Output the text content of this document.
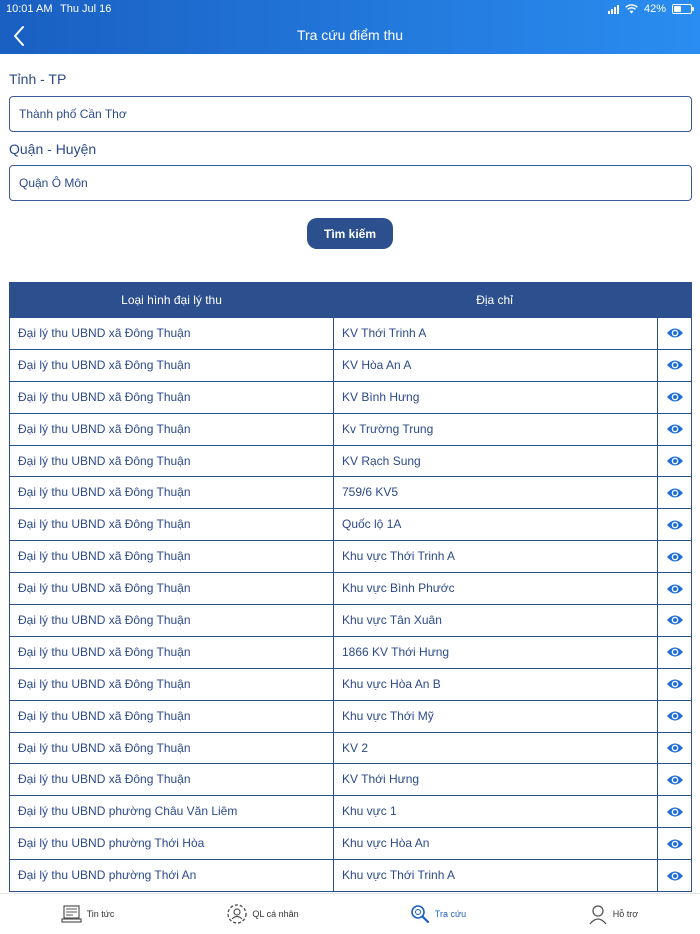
10:01 AM Thu Jul 16	42%
Tra cứu điểm thu
Tỉnh - TP
Thành phố Cần Thơ
Quận - Huyện
Quận Ô Môn
Tìm kiếm
Loại hình đại lý thu	Địa chỉ
Đại lý thu UBND xã Đông Thuận	KV Thới Trinh A
Đại lý thu UBND xã Đông Thuận	KV Hòa An A
Đại lý thu UBND xã Đông Thuận	KV Bình Hưng
Đại lý thu UBND xã Đông Thuận	Kv Trường Trung
Đại lý thu UBND xã Đông Thuận	KV Rạch Sung
Đại lý thu UBND xã Đông Thuận	759/6 KV5
Đại lý thu UBND xã Đông Thuận	Quốc lộ 1A
Đại lý thu UBND xã Đông Thuận	Khu vực Thới Trinh A
Đại lý thu UBND xã Đông Thuận	Khu vực Bình Phước
Đại lý thu UBND xã Đông Thuận	Khu vực Tân Xuân
Đại lý thu UBND xã Đông Thuận	1866 KV Thới Hưng
Đại lý thu UBND xã Đông Thuận	Khu vực Hòa An B
Đại lý thu UBND xã Đông Thuận	Khu vực Thới Mỹ
Đại lý thu UBND xã Đông Thuận	KV 2
Đại lý thu UBND xã Đông Thuận	KV Thới Hưng
Đại lý thu UBND phường Châu Văn Liêm	Khu vực 1
Đại lý thu UBND phường Thới Hòa	Khu vực Hòa An
Đại lý thu UBND phường Thới An	Khu vực Thới Trinh A
Tin tức	QL cá nhân	Tra cứu	Hỗ trợ
